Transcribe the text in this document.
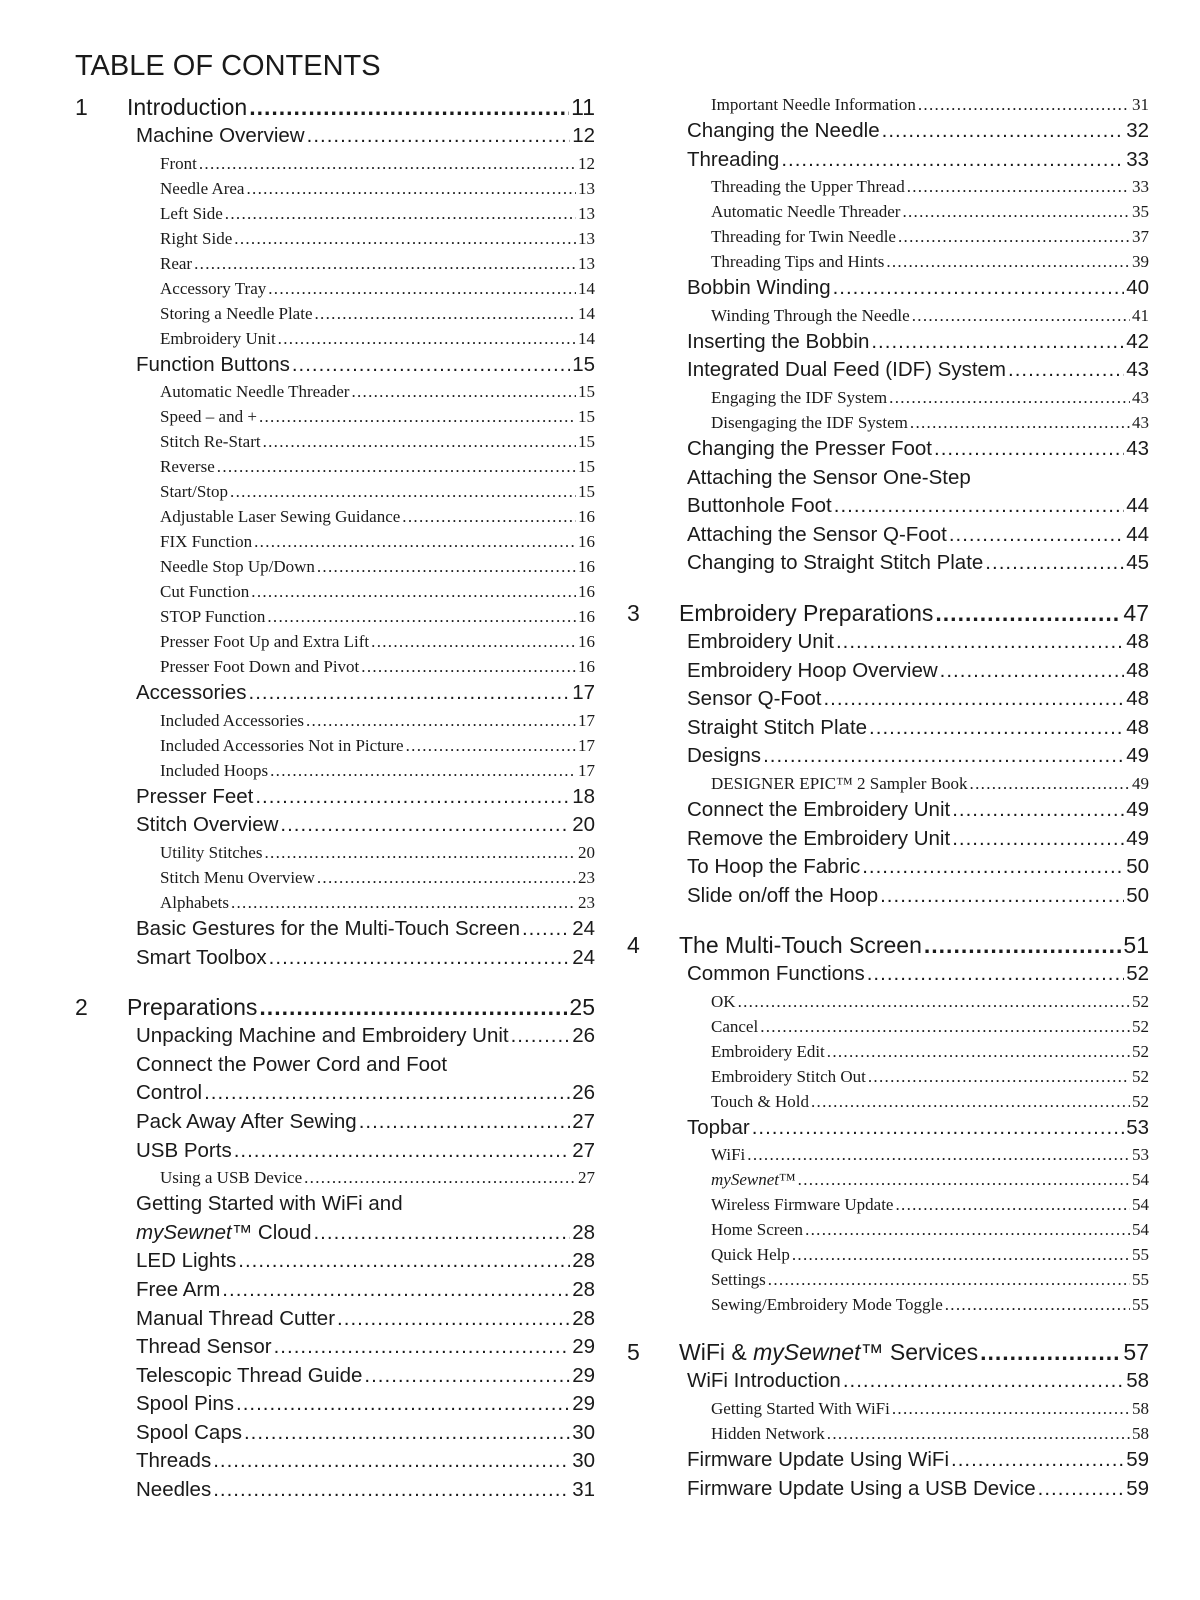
TABLE OF CONTENTS
1	Introduction .....	11
Machine Overview .....	12
Front .....	12
Needle Area .....	13
Left Side .....	13
Right Side .....	13
Rear .....	13
Accessory Tray .....	14
Storing a Needle Plate .....	14
Embroidery Unit .....	14
Function Buttons .....	15
Automatic Needle Threader .....	15
Speed – and + .....	15
Stitch Re-Start .....	15
Reverse .....	15
Start/Stop .....	15
Adjustable Laser Sewing Guidance .....	16
FIX Function .....	16
Needle Stop Up/Down .....	16
Cut Function .....	16
STOP Function .....	16
Presser Foot Up and Extra Lift .....	16
Presser Foot Down and Pivot .....	16
Accessories .....	17
Included Accessories .....	17
Included Accessories Not in Picture .....	17
Included Hoops .....	17
Presser Feet .....	18
Stitch Overview .....	20
Utility Stitches .....	20
Stitch Menu Overview .....	23
Alphabets .....	23
Basic Gestures for the Multi-Touch Screen .....	24
Smart Toolbox .....	24
2	Preparations .....	25
Unpacking Machine and Embroidery Unit .....	26
Connect the Power Cord and Foot
Control .....	26
Pack Away After Sewing .....	27
USB Ports .....	27
Using a USB Device .....	27
Getting Started with WiFi and
mySewnet™ Cloud .....	28
LED Lights .....	28
Free Arm .....	28
Manual Thread Cutter .....	28
Thread Sensor .....	29
Telescopic Thread Guide .....	29
Spool Pins .....	29
Spool Caps .....	30
Threads .....	30
Needles .....	31
Important Needle Information .....	31
Changing the Needle .....	32
Threading .....	33
Threading the Upper Thread .....	33
Automatic Needle Threader .....	35
Threading for Twin Needle .....	37
Threading Tips and Hints .....	39
Bobbin Winding .....	40
Winding Through the Needle .....	41
Inserting the Bobbin .....	42
Integrated Dual Feed (IDF) System .....	43
Engaging the IDF System .....	43
Disengaging the IDF System .....	43
Changing the Presser Foot .....	43
Attaching the Sensor One-Step
Buttonhole Foot .....	44
Attaching the Sensor Q-Foot .....	44
Changing to Straight Stitch Plate .....	45
3	Embroidery Preparations .....	47
Embroidery Unit .....	48
Embroidery Hoop Overview .....	48
Sensor Q-Foot .....	48
Straight Stitch Plate .....	48
Designs .....	49
DESIGNER EPIC™ 2 Sampler Book .....	49
Connect the Embroidery Unit .....	49
Remove the Embroidery Unit .....	49
To Hoop the Fabric .....	50
Slide on/off the Hoop .....	50
4	The Multi-Touch Screen .....	51
Common Functions .....	52
OK .....	52
Cancel .....	52
Embroidery Edit .....	52
Embroidery Stitch Out .....	52
Touch & Hold .....	52
Topbar .....	53
WiFi .....	53
mySewnet™ .....	54
Wireless Firmware Update .....	54
Home Screen .....	54
Quick Help .....	55
Settings .....	55
Sewing/Embroidery Mode Toggle .....	55
5	WiFi & mySewnet™ Services .....	57
WiFi Introduction .....	58
Getting Started With WiFi .....	58
Hidden Network .....	58
Firmware Update Using WiFi .....	59
Firmware Update Using a USB Device .....	59
